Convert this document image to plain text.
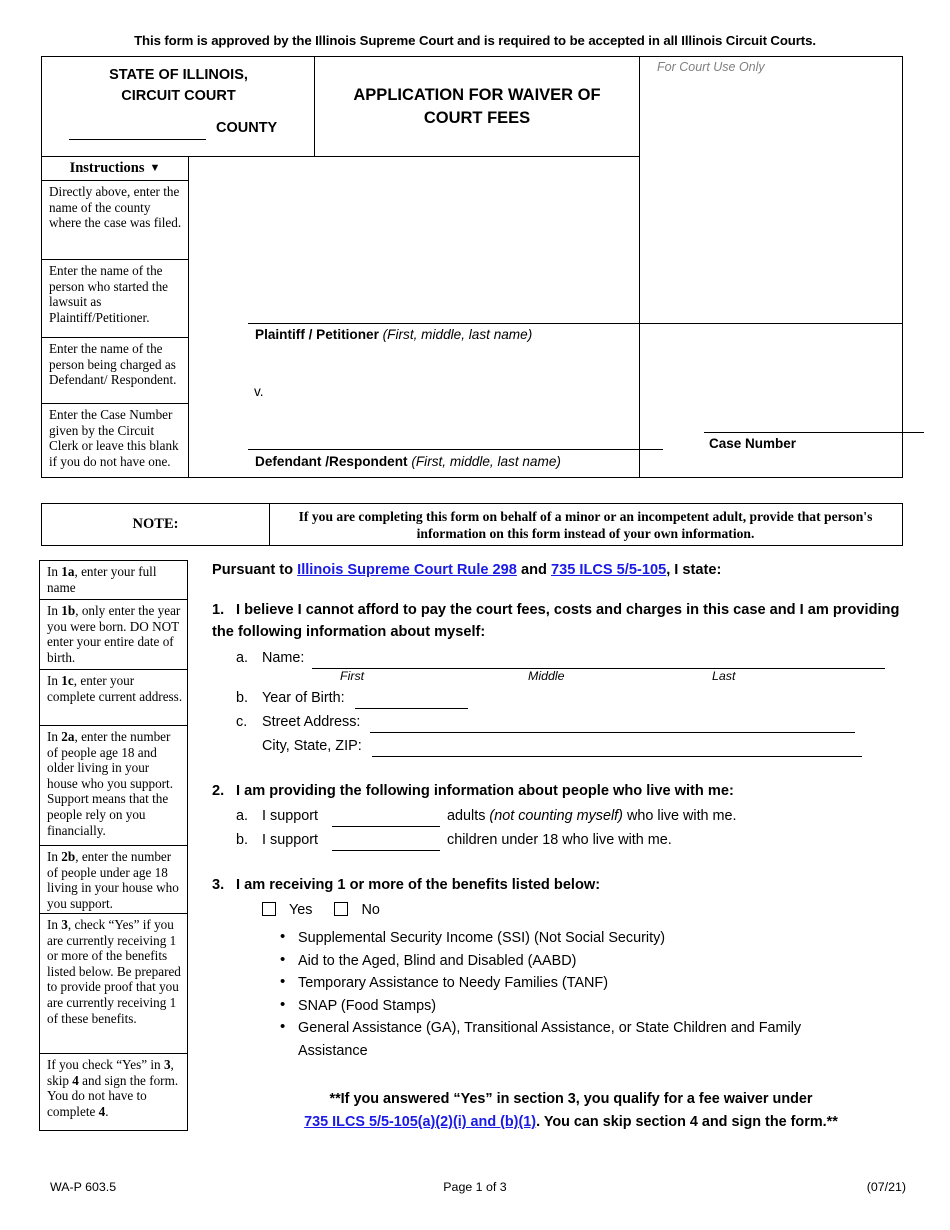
This form is approved by the Illinois Supreme Court and is required to be accepted in all Illinois Circuit Courts.
STATE OF ILLINOIS,
CIRCUIT COURT
COUNTY
APPLICATION FOR WAIVER OF COURT FEES
For Court Use Only
Case Number
Instructions ▼
Directly above, enter the name of the county where the case was filed.
Enter the name of the person who started the lawsuit as Plaintiff/Petitioner.
Enter the name of the person being charged as Defendant/ Respondent.
Enter the Case Number given by the Circuit Clerk or leave this blank if you do not have one.
Plaintiff / Petitioner (First, middle, last name)
v.
Defendant /Respondent (First, middle, last name)
NOTE:	If you are completing this form on behalf of a minor or an incompetent adult, provide that person's information on this form instead of your own information.
In 1a, enter your full name
In 1b, only enter the year you were born. DO NOT enter your entire date of birth.
In 1c, enter your complete current address.
In 2a, enter the number of people age 18 and older living in your house who you support. Support means that the people rely on you financially.
In 2b, enter the number of people under age 18 living in your house who you support.
In 3, check “Yes” if you are currently receiving 1 or more of the benefits listed below. Be prepared to provide proof that you are currently receiving 1 of these benefits.
If you check “Yes” in 3, skip 4 and sign the form. You do not have to complete 4.
Pursuant to Illinois Supreme Court Rule 298 and 735 ILCS 5/5-105, I state:
1. I believe I cannot afford to pay the court fees, costs and charges in this case and I am providing the following information about myself:
a. Name:
First	Middle	Last
b. Year of Birth:
c.	Street Address:
City, State, ZIP:
2. I am providing the following information about people who live with me:
a. I support	adults (not counting myself) who live with me.
b. I support	children under 18 who live with me.
3. I am receiving 1 or more of the benefits listed below:
Yes	No
• Supplemental Security Income (SSI) (Not Social Security)
• Aid to the Aged, Blind and Disabled (AABD)
• Temporary Assistance to Needy Families (TANF)
• SNAP (Food Stamps)
• General Assistance (GA), Transitional Assistance, or State Children and Family Assistance
**If you answered “Yes” in section 3, you qualify for a fee waiver under
735 ILCS 5/5-105(a)(2)(i) and (b)(1). You can skip section 4 and sign the form.**
WA-P 603.5	Page 1 of 3	(07/21)
